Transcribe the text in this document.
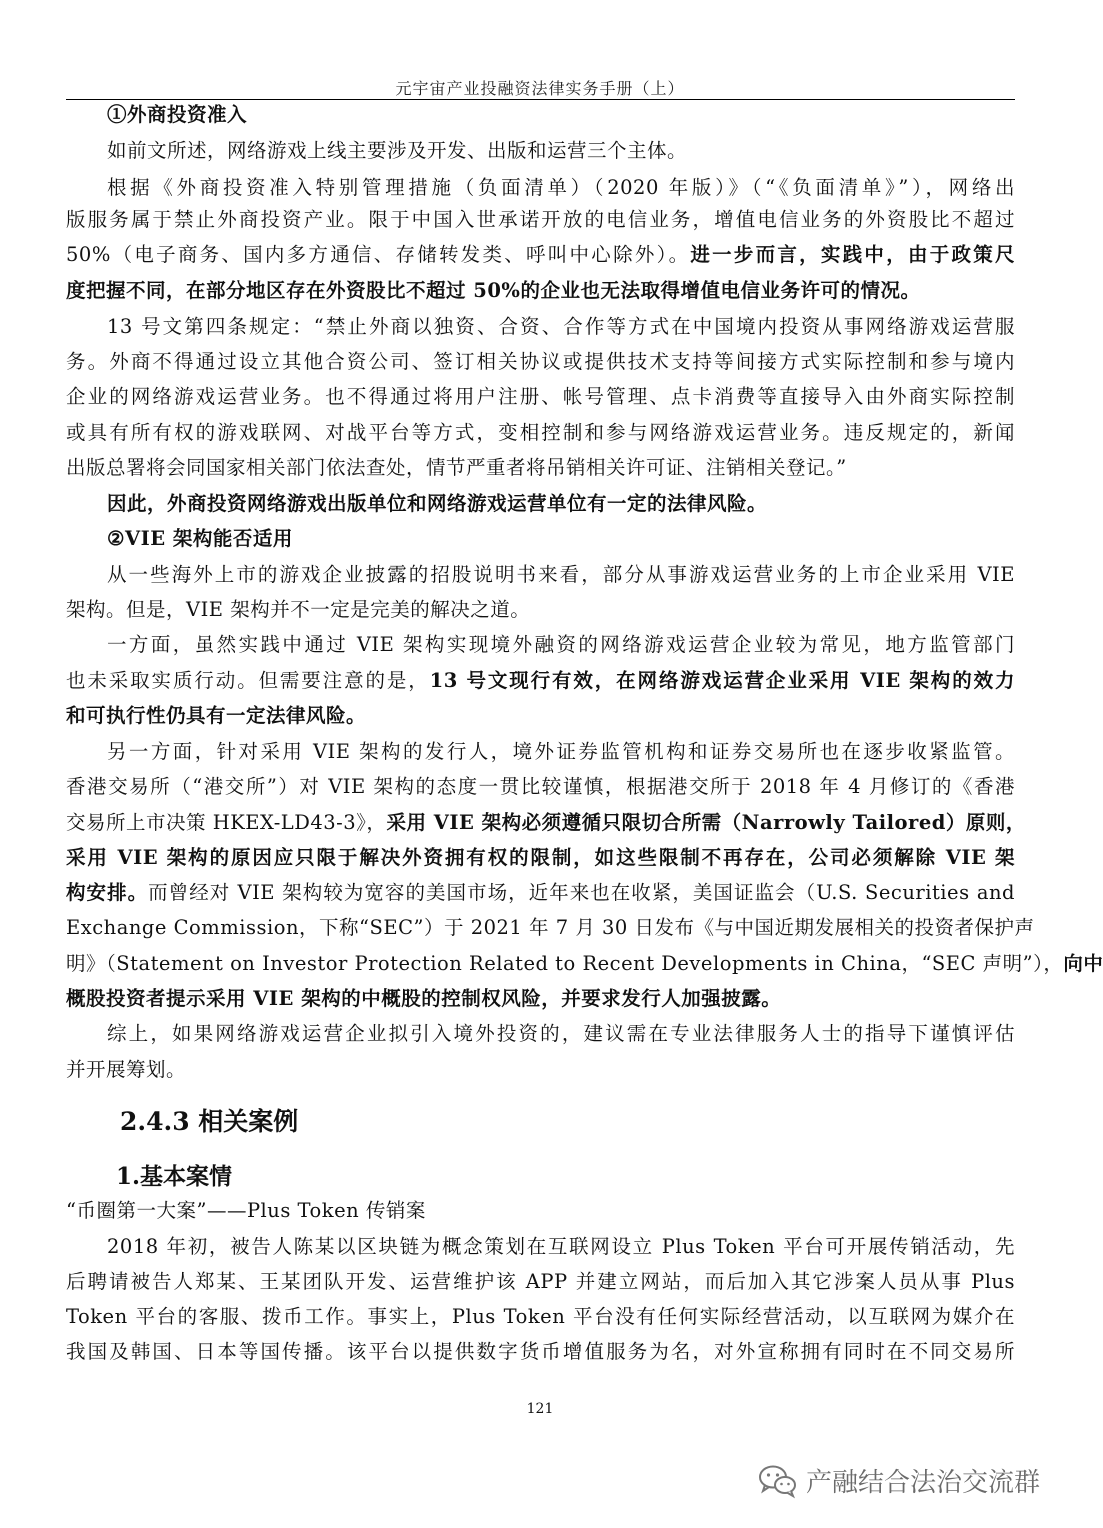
元宇宙产业投融资法律实务手册（上）
①外商投资准入
如前文所述，网络游戏上线主要涉及开发、出版和运营三个主体。
根据《外商投资准入特别管理措施（负面清单）（2020 年版）》（“《负面清单》”），网络出
版服务属于禁止外商投资产业。限于中国入世承诺开放的电信业务，增值电信业务的外资股比不超过
50%（电子商务、国内多方通信、存储转发类、呼叫中心除外）。进一步而言，实践中，由于政策尺
度把握不同，在部分地区存在外资股比不超过 50%的企业也无法取得增值电信业务许可的情况。
13 号文第四条规定：“禁止外商以独资、合资、合作等方式在中国境内投资从事网络游戏运营服
务。外商不得通过设立其他合资公司、签订相关协议或提供技术支持等间接方式实际控制和参与境内
企业的网络游戏运营业务。也不得通过将用户注册、帐号管理、点卡消费等直接导入由外商实际控制
或具有所有权的游戏联网、对战平台等方式，变相控制和参与网络游戏运营业务。违反规定的，新闻
出版总署将会同国家相关部门依法查处，情节严重者将吊销相关许可证、注销相关登记。”
因此，外商投资网络游戏出版单位和网络游戏运营单位有一定的法律风险。
②VIE 架构能否适用
从一些海外上市的游戏企业披露的招股说明书来看，部分从事游戏运营业务的上市企业采用 VIE
架构。但是，VIE 架构并不一定是完美的解决之道。
一方面，虽然实践中通过 VIE 架构实现境外融资的网络游戏运营企业较为常见，地方监管部门
也未采取实质行动。但需要注意的是，13 号文现行有效，在网络游戏运营企业采用 VIE 架构的效力
和可执行性仍具有一定法律风险。
另一方面，针对采用 VIE 架构的发行人，境外证券监管机构和证券交易所也在逐步收紧监管。
香港交易所（“港交所”）对 VIE 架构的态度一贯比较谨慎，根据港交所于 2018 年 4 月修订的《香港
交易所上市决策 HKEX-LD43-3》，采用 VIE 架构必须遵循只限切合所需（Narrowly Tailored）原则，
采用 VIE 架构的原因应只限于解决外资拥有权的限制，如这些限制不再存在，公司必须解除 VIE 架
构安排。而曾经对 VIE 架构较为宽容的美国市场，近年来也在收紧，美国证监会（U.S. Securities and
Exchange Commission，下称“SEC”）于 2021 年 7 月 30 日发布《与中国近期发展相关的投资者保护声
明》（Statement on Investor Protection Related to Recent Developments in China，“SEC 声明”），向中
概股投资者提示采用 VIE 架构的中概股的控制权风险，并要求发行人加强披露。
综上，如果网络游戏运营企业拟引入境外投资的，建议需在专业法律服务人士的指导下谨慎评估
并开展筹划。
“币圈第一大案”——Plus Token 传销案
2018 年初，被告人陈某以区块链为概念策划在互联网设立 Plus Token 平台可开展传销活动，先
后聘请被告人郑某、王某团队开发、运营维护该 APP 并建立网站，而后加入其它涉案人员从事 Plus
Token 平台的客服、拨币工作。事实上，Plus Token 平台没有任何实际经营活动，以互联网为媒介在
我国及韩国、日本等国传播。该平台以提供数字货币增值服务为名，对外宣称拥有同时在不同交易所
2.4.3 相关案例
1.基本案情
121
产融结合法治交流群
